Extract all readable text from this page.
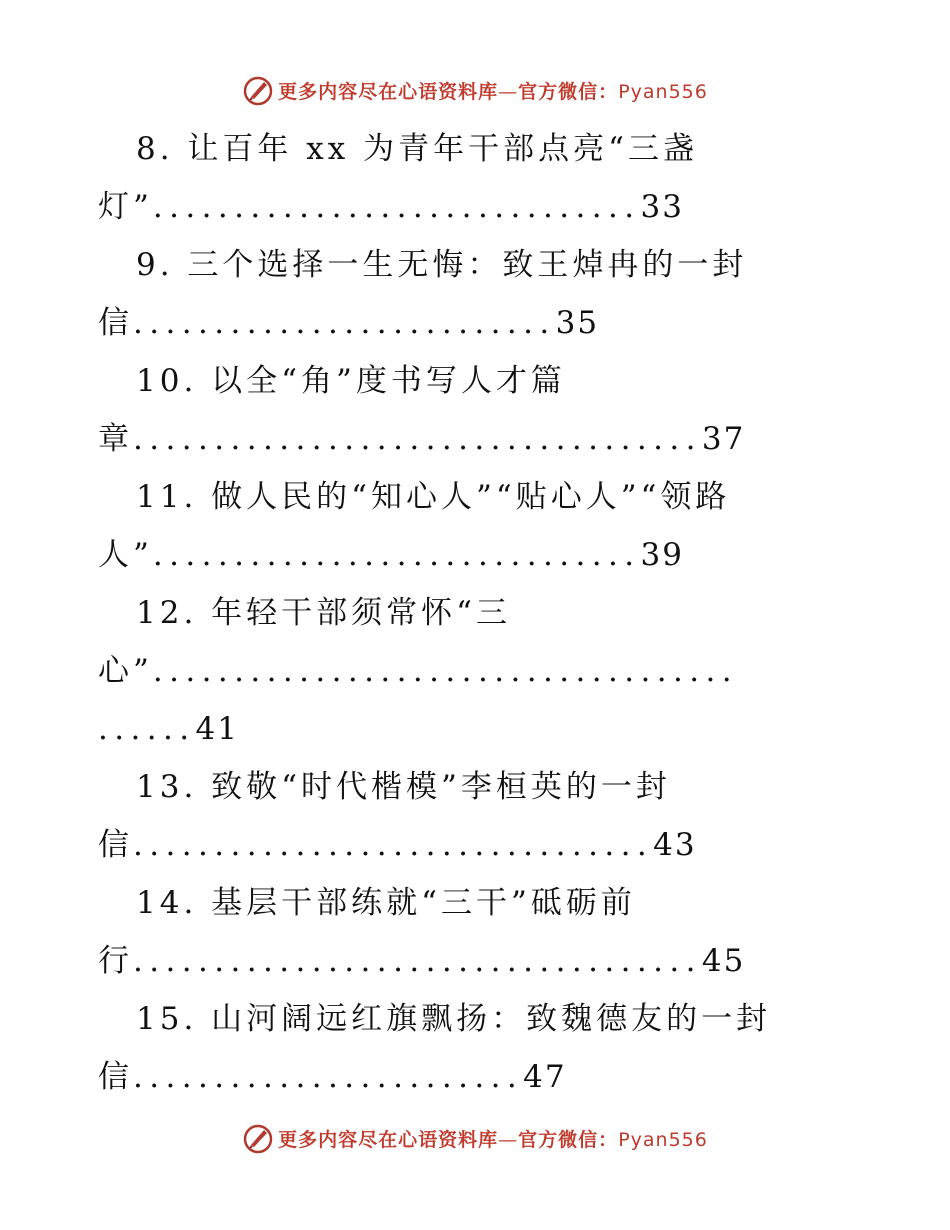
更多内容尽在心语资料库—官方微信：Pyan556
8. 让百年 xx 为青年干部点亮“三盏
灯”..............................33
9. 三个选择一生无悔：致王焯冉的一封
信..........................35
10. 以全“角”度书写人才篇
章...................................37
11. 做人民的“知心人”“贴心人”“领路
人”..............................39
12. 年轻干部须常怀“三
心”....................................
......41
13. 致敬“时代楷模”李桓英的一封
信................................43
14. 基层干部练就“三干”砥砺前
行...................................45
15. 山河阔远红旗飘扬：致魏德友的一封
信........................47
更多内容尽在心语资料库—官方微信：Pyan556
